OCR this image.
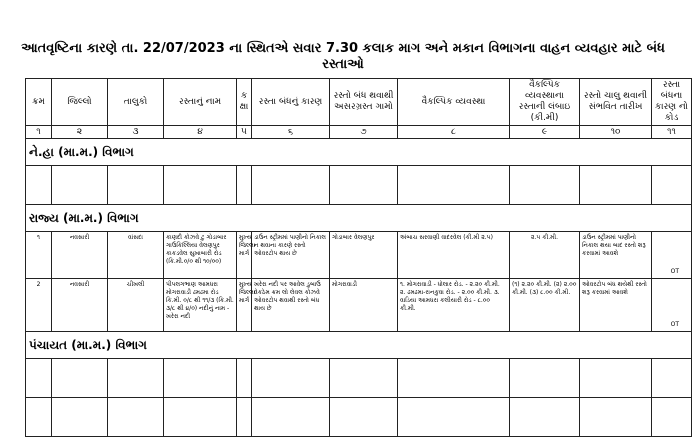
આતવૃષ્ટિના કારણે તા. 22/07/2023 ના સ્થિતએ સવાર 7.30 કલાક માગ અને મકાન વિભાગના વાહન વ્યવહાર માટે બંધ રસ્તાઓ
ક્રમ	જિલ્લો	તાલુકો	રસ્તાનું નામ	ક ક્ષા	રસ્તા બંધનું કારણ	રસ્તો બંધ થવાથી અસરગ્રસ્ત ગામો	વૈકલ્પિક વ્યવસ્થા	વૈકલ્પિક વ્યવસ્થાના રસ્તાની લંબાઇ (કી.મી)	રસ્તો ચાલુ થવાની સંભવિત તારીખ	રસ્તા બંધના કારણ નો કોડ
૧	૨	૩	૪	૫	૬	૭	૮	૯	૧૦	૧૧
ને.હા (મા.મ.) વિભાગ										

રાજ્ય (મા.મ.) વિભાગ										
૧	નવસારી	વાંસદા	કાણદી કોઝવે ટુ ગોડાબાર ગાઉકિલ્લિયા વેલણપુર કાકડવેલ સુખાબારી રોડ (કિ.મી.૦/૦ થી ૧૦/૦૦)	મુખ્ય જિલ્લા માર્ગ	ડાઉન સ્ટ્રીમમાં પાણીનો નિકાલ ન થવાના કારણે રસ્તો ઓવરટોપ થાય છે	ગોડાબાર વેલણપુર	અંબાચ સરવાણી વાદરવેલ (કી.મી ૨.૫)	૨.૫ કી.મી.	ડાઉન સ્ટ્રીમમાં પાણીનો નિકાલ થયા બાદ રસ્તો શરૂ કરવામાં આવશે	OT

2	નવસારી	ચીખલી	પીપલગભાણ આમધરા મોગરાવાડી ઢમઢમા રોડ કિ.મી. ૦/૮ થી ૧૧/૩ (કિ.મી. ૩/૮ થી ૪/૦) નદીનું નામ - ખરેરા નદી	મુખ્ય જિલ્લા માર્ગ	ખરેરા નદી પર આવેલ ડુબાઉ વેકઠેમ ક્રમ લો લેવલ કોઝવે ઓવરટોપ થવાથી રસ્તો બંધ થાય છે	મોગરાવાડી	૧. મોગરાવાડી - ધોલાર રોડ. - ૨.૨૦ કી.મી. ૨. ઢમઢમા-રાનકુવા રોડ. - ૨.૦૦ કી.મી. ૩. વાડિયા આમધરા કલીયારી રોડ - ૮.૦૦ કી.મી.	(૧) ૨.૨૦ કી.મી. (૨) ૨.૦૦ કી.મી. (૩) ૮.૦૦ કી.મી.	ઓવરટોપ બંધ થયેથી રસ્તો શરૂ કરવામાં આવશે	OT

પંચાયત (મા.મ.) વિભાગ										
